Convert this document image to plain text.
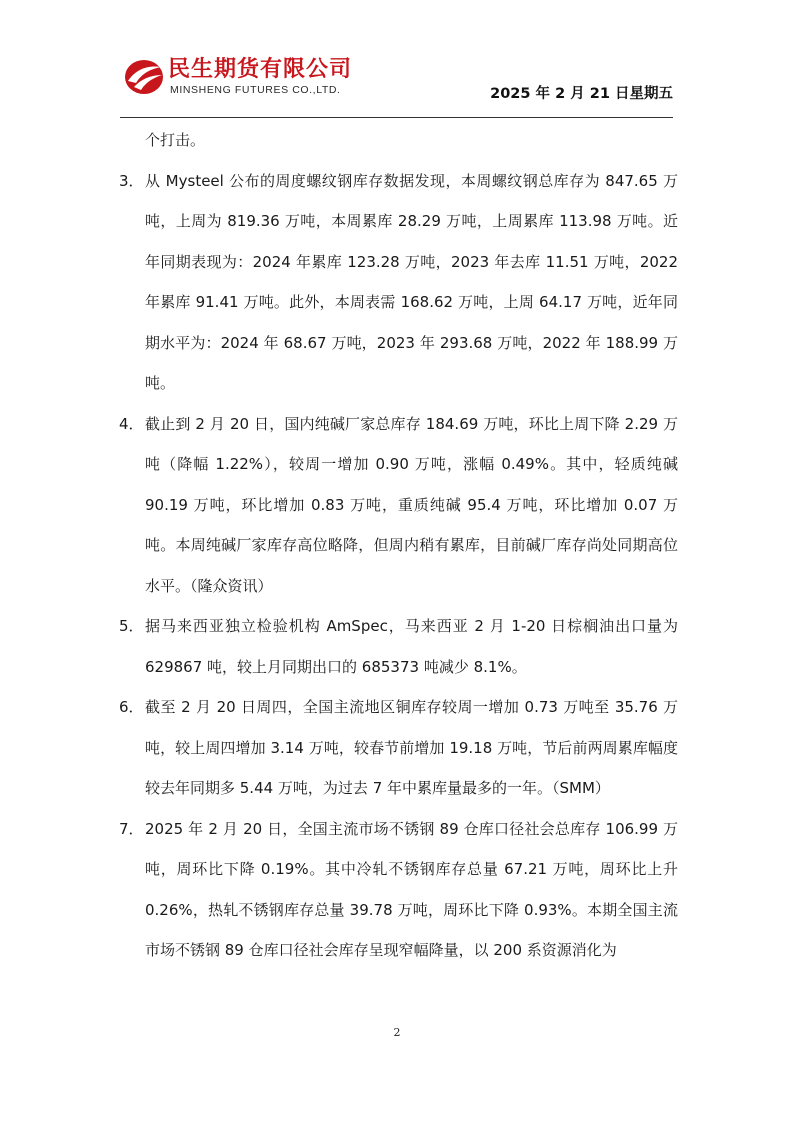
民生期货有限公司
MINSHENG FUTURES CO.,LTD.	2025 年 2 月 21 日星期五

个打击。

3． 从 Mysteel 公布的周度螺纹钢库存数据发现，本周螺纹钢总库存为 847.65 万吨，上周为 819.36 万吨，本周累库 28.29 万吨，上周累库 113.98 万吨。近年同期表现为：2024 年累库 123.28 万吨，2023 年去库 11.51 万吨，2022 年累库 91.41 万吨。此外，本周表需 168.62 万吨，上周 64.17 万吨，近年同期水平为：2024 年 68.67 万吨，2023 年 293.68 万吨，2022 年 188.99 万吨。

4． 截止到 2 月 20 日，国内纯碱厂家总库存 184.69 万吨，环比上周下降 2.29 万吨（降幅 1.22%），较周一增加 0.90 万吨，涨幅 0.49%。其中，轻质纯碱 90.19 万吨，环比增加 0.83 万吨，重质纯碱 95.4 万吨，环比增加 0.07 万吨。本周纯碱厂家库存高位略降，但周内稍有累库，目前碱厂库存尚处同期高位水平。（隆众资讯）

5． 据马来西亚独立检验机构 AmSpec，马来西亚 2 月 1-20 日棕榈油出口量为 629867 吨，较上月同期出口的 685373 吨减少 8.1%。

6． 截至 2 月 20 日周四，全国主流地区铜库存较周一增加 0.73 万吨至 35.76 万吨，较上周四增加 3.14 万吨，较春节前增加 19.18 万吨，节后前两周累库幅度较去年同期多 5.44 万吨，为过去 7 年中累库量最多的一年。（SMM）

7． 2025 年 2 月 20 日，全国主流市场不锈钢 89 仓库口径社会总库存 106.99 万吨，周环比下降 0.19%。其中冷轧不锈钢库存总量 67.21 万吨，周环比上升 0.26%，热轧不锈钢库存总量 39.78 万吨，周环比下降 0.93%。本期全国主流市场不锈钢 89 仓库口径社会库存呈现窄幅降量，以 200 系资源消化为

2
